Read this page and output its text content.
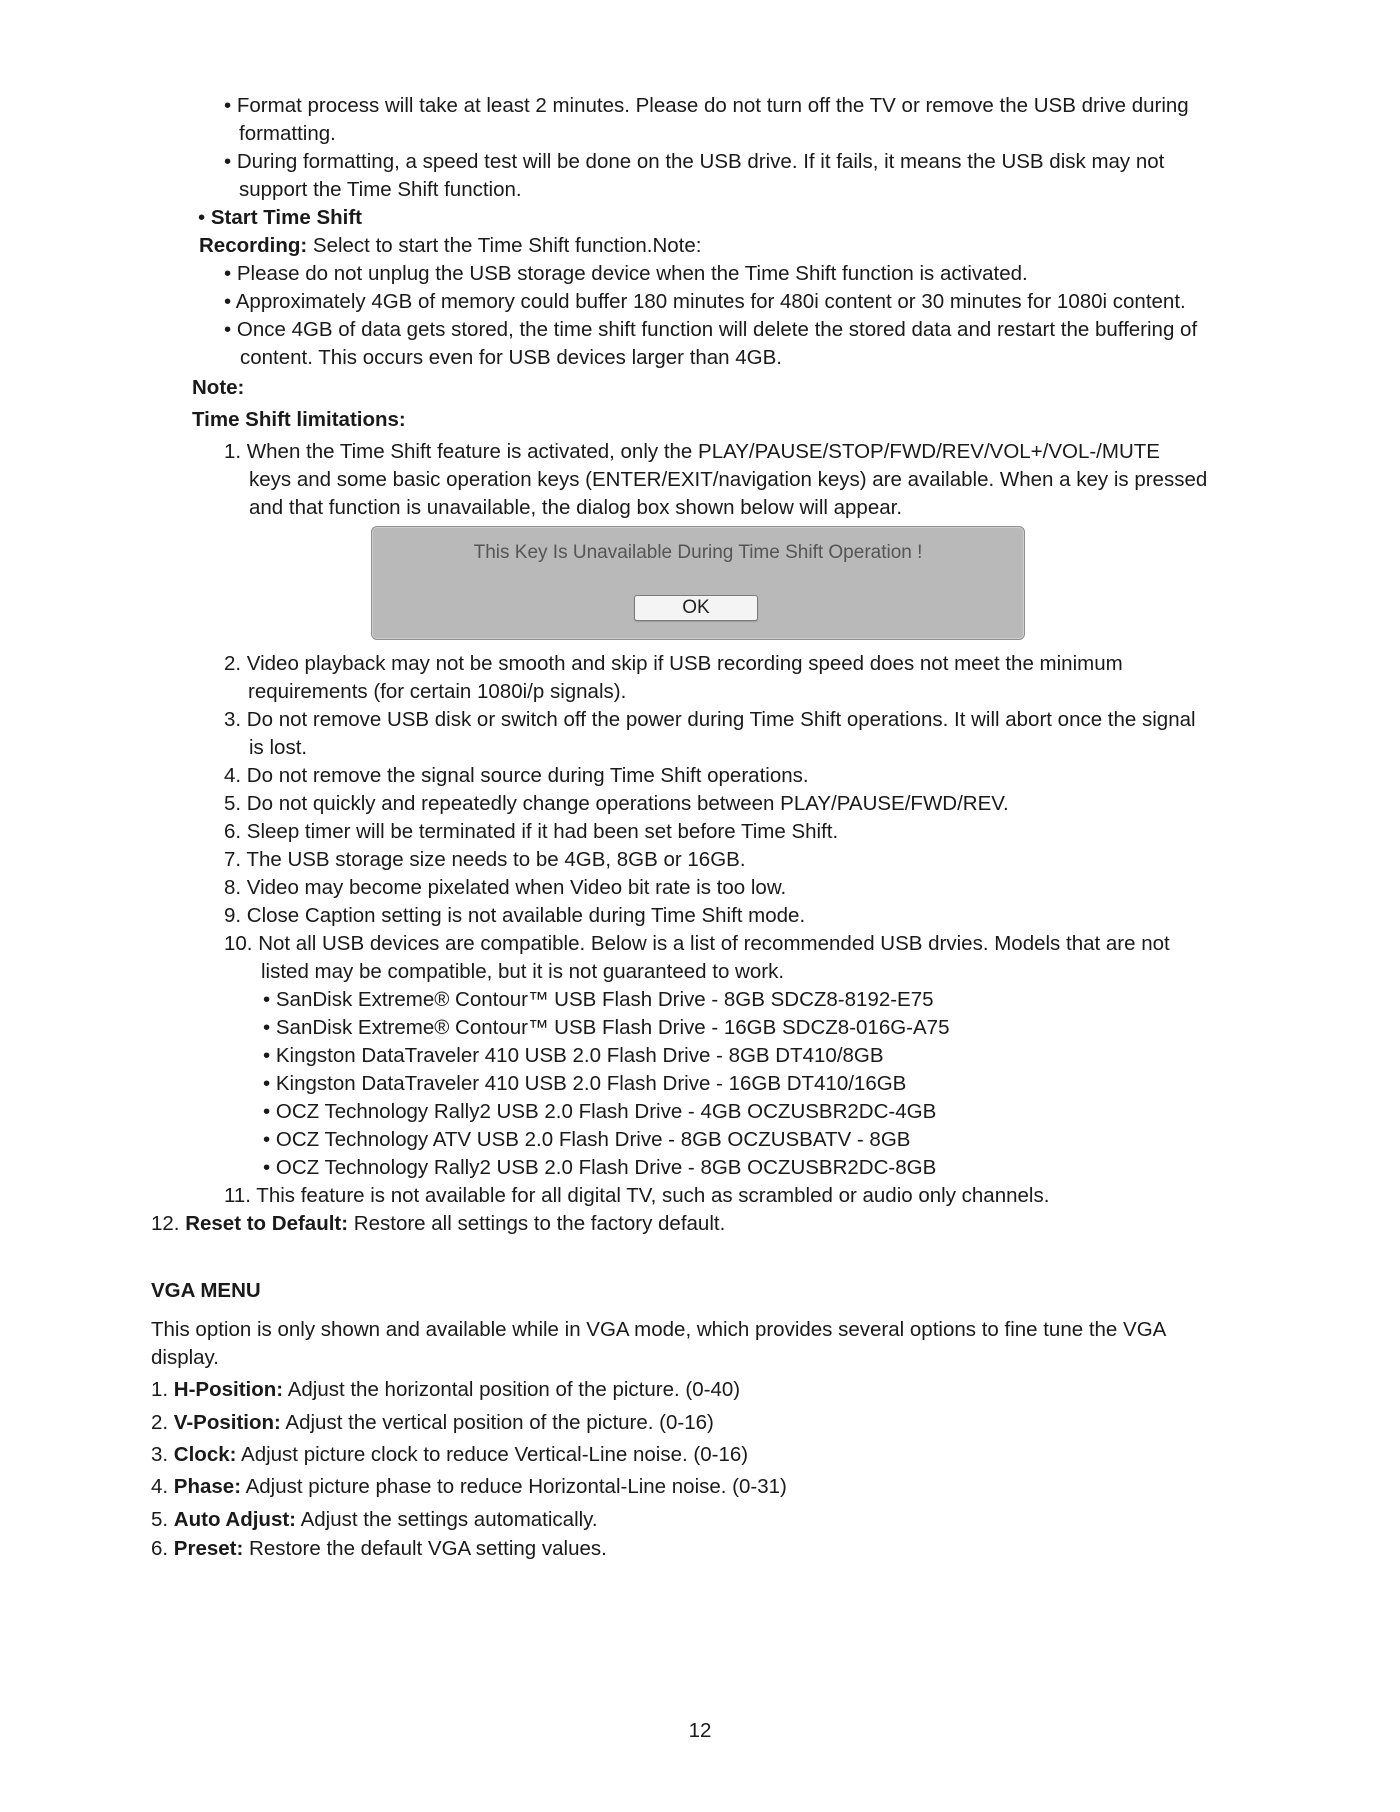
• Format process will take at least 2 minutes. Please do not turn off the TV or remove the USB drive during
formatting.
• During formatting, a speed test will be done on the USB drive. If it fails, it means the USB disk may not
support the Time Shift function.
• Start Time Shift
Recording: Select to start the Time Shift function.Note:
• Please do not unplug the USB storage device when the Time Shift function is activated.
• Approximately 4GB of memory could buffer 180 minutes for 480i content or 30 minutes for 1080i content.
• Once 4GB of data gets stored, the time shift function will delete the stored data and restart the buffering of
content. This occurs even for USB devices larger than 4GB.
Note:
Time Shift limitations:
1. When the Time Shift feature is activated, only the PLAY/PAUSE/STOP/FWD/REV/VOL+/VOL-/MUTE
keys and some basic operation keys (ENTER/EXIT/navigation keys) are available. When a key is pressed
and that function is unavailable, the dialog box shown below will appear.
This Key Is Unavailable During Time Shift Operation !
OK
2. Video playback may not be smooth and skip if USB recording speed does not meet the minimum
requirements (for certain 1080i/p signals).
3. Do not remove USB disk or switch off the power during Time Shift operations. It will abort once the signal
is lost.
4. Do not remove the signal source during Time Shift operations.
5. Do not quickly and repeatedly change operations between PLAY/PAUSE/FWD/REV.
6. Sleep timer will be terminated if it had been set before Time Shift.
7. The USB storage size needs to be 4GB, 8GB or 16GB.
8. Video may become pixelated when Video bit rate is too low.
9. Close Caption setting is not available during Time Shift mode.
10. Not all USB devices are compatible. Below is a list of recommended USB drvies. Models that are not
listed may be compatible, but it is not guaranteed to work.
• SanDisk Extreme® Contour™ USB Flash Drive - 8GB SDCZ8-8192-E75
• SanDisk Extreme® Contour™ USB Flash Drive - 16GB SDCZ8-016G-A75
• Kingston DataTraveler 410 USB 2.0 Flash Drive - 8GB DT410/8GB
• Kingston DataTraveler 410 USB 2.0 Flash Drive - 16GB DT410/16GB
• OCZ Technology Rally2 USB 2.0 Flash Drive - 4GB OCZUSBR2DC-4GB
• OCZ Technology ATV USB 2.0 Flash Drive - 8GB OCZUSBATV - 8GB
• OCZ Technology Rally2 USB 2.0 Flash Drive - 8GB OCZUSBR2DC-8GB
11. This feature is not available for all digital TV, such as scrambled or audio only channels.
12. Reset to Default: Restore all settings to the factory default.
VGA MENU
This option is only shown and available while in VGA mode, which provides several options to fine tune the VGA
display.
1. H-Position: Adjust the horizontal position of the picture. (0-40)
2. V-Position: Adjust the vertical position of the picture. (0-16)
3. Clock: Adjust picture clock to reduce Vertical-Line noise. (0-16)
4. Phase: Adjust picture phase to reduce Horizontal-Line noise. (0-31)
5. Auto Adjust: Adjust the settings automatically.
6. Preset: Restore the default VGA setting values.
12
